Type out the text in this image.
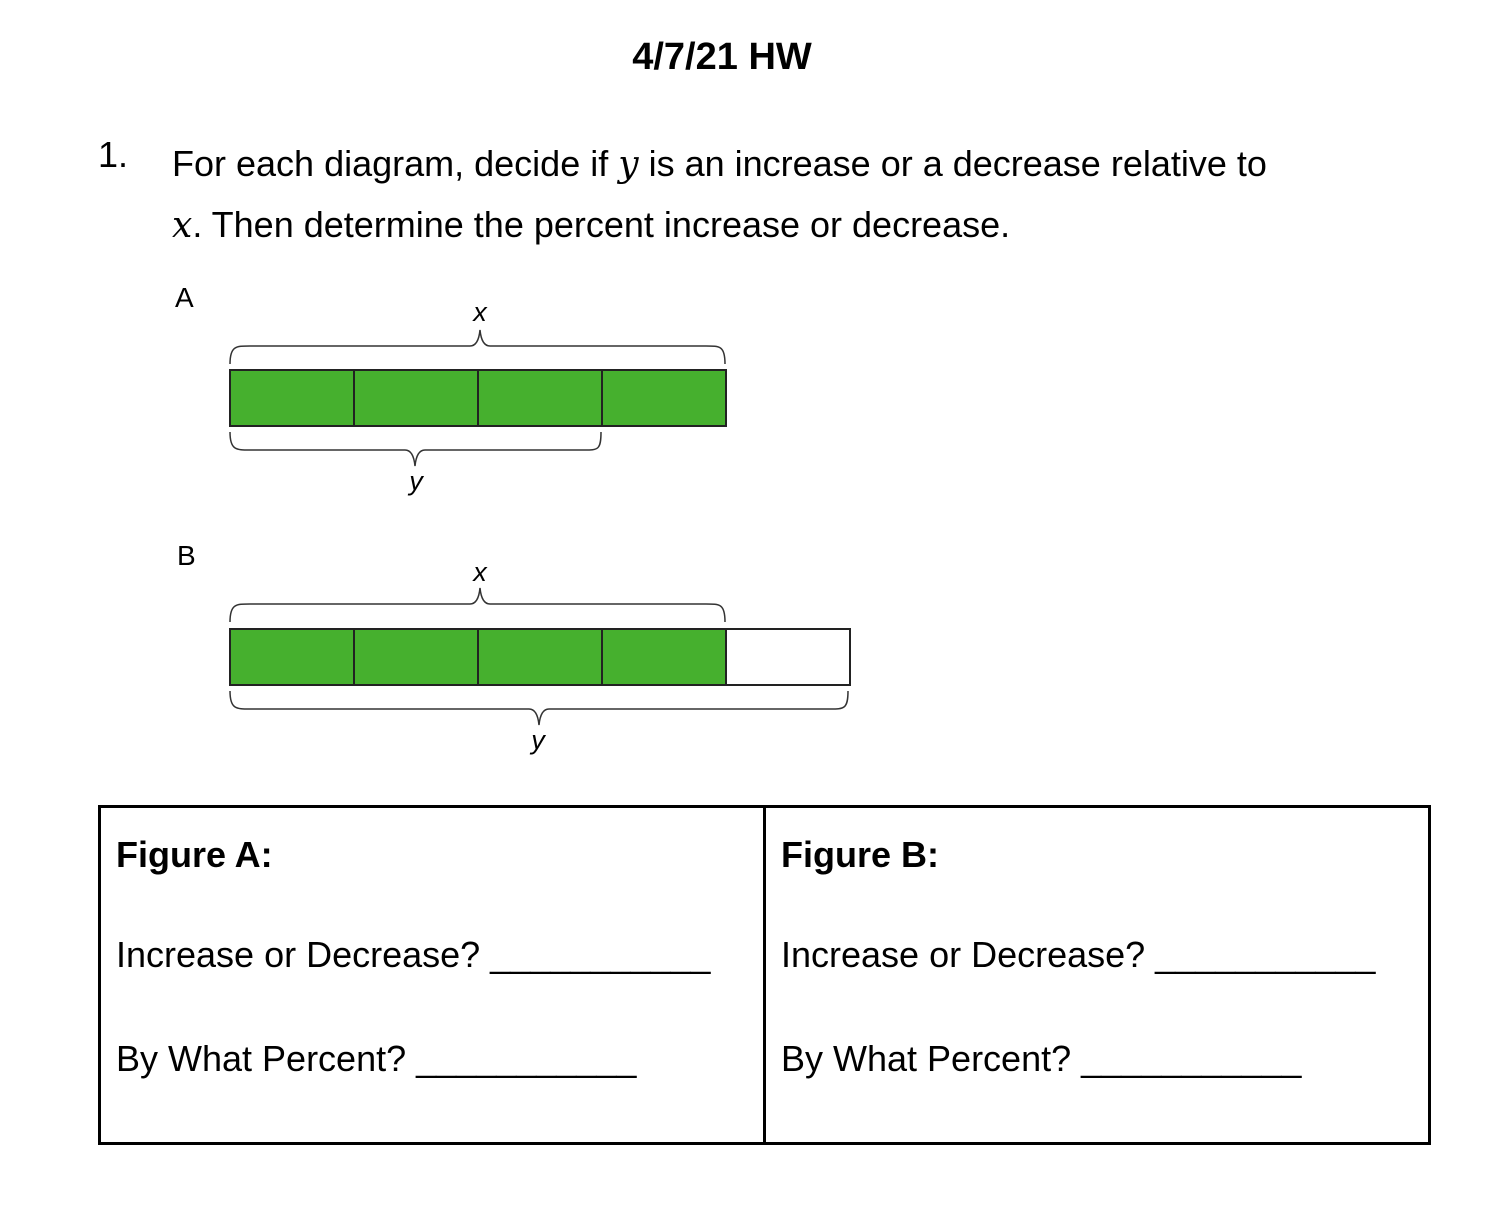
4/7/21 HW
1. For each diagram, decide if y is an increase or a decrease relative to
x. Then determine the percent increase or decrease.
A	x
y
B
x
y
Figure A:
Increase or Decrease? ___________
By What Percent? ___________
Figure B:
Increase or Decrease? ___________
By What Percent? ___________
